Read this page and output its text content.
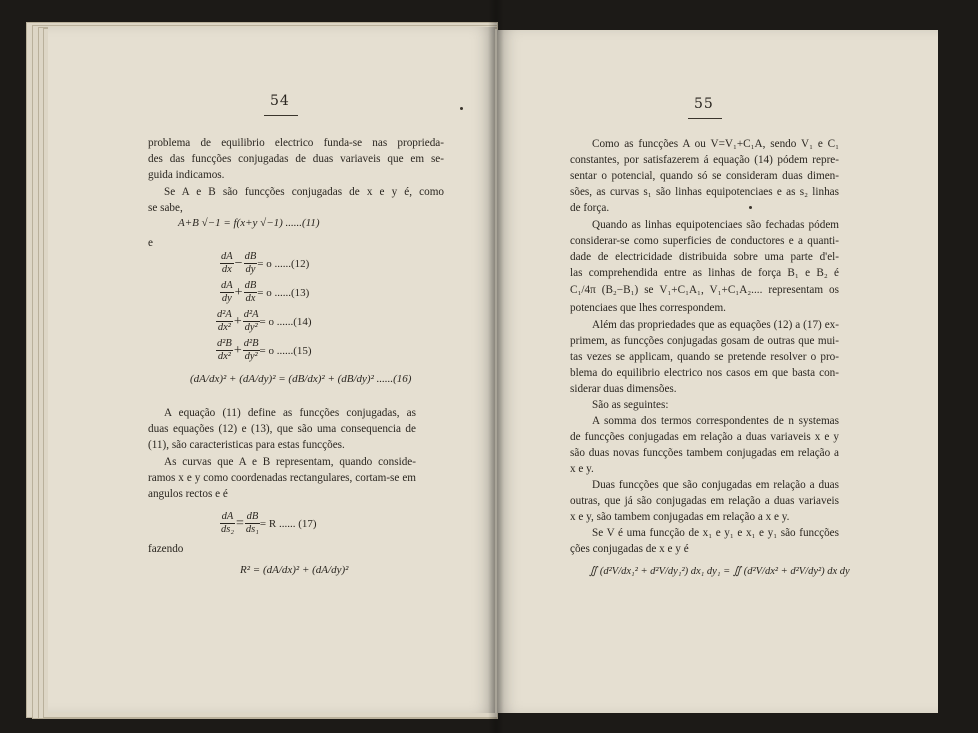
54
problema de equilibrio electrico funda-se nas proprieda-
des das funcções conjugadas de duas variaveis que em se-
guida indicamos.
Se A e B são funcções conjugadas de x e y é, como
se sabe,
A+B √−1 = f(x+y √−1) ......(11)
e
$\frac{dA}{dx} - \frac{dB}{dy} = o$ ......(12)
$\frac{dA}{dy} + \frac{dB}{dx} = o$ ......(13)
$\frac{\text{d²A}}{\text{dx²}} + \frac{\text{d²A}}{\text{dy²}} = o$ ......(14)
$\frac{\text{d²B}}{\text{dx²}} + \frac{\text{d²B}}{\text{dy²}} = o$ ......(15)
(dA/dx)² + (dA/dy)² = (dB/dx)² + (dB/dy)² ......(16)
A equação (11) define as funcções conjugadas, as
duas equações (12) e (13), que são uma consequencia de
(11), são caracteristicas para estas funcções.
As curvas que A e B representam, quando conside-
ramos x e y como coordenadas rectangulares, cortam-se em
angulos rectos e é
$\frac{dA}{\text{ds₂}} = \frac{dB}{\text{ds₁}} = R$ ...... (17)
fazendo
R² = (dA/dx)² + (dA/dy)²
55
Como as funcções A ou V=V₁+C₁A, sendo V₁ e C₁
constantes, por satisfazerem á equação (14) pódem repre-
sentar o potencial, quando só se consideram duas dimen-
sões, as curvas s₁ são linhas equipotenciaes e as s₂ linhas
de força.
Quando as linhas equipotenciaes são fechadas pódem
considerar-se como superficies de conductores e a quanti-
dade de electricidade distribuida sobre uma parte d'el-
las comprehendida entre as linhas de força B₁ e B₂ é
C₁/4π (B₂−B₁) se V₁+C₁A₁, V₁+C₁A₂.... representam os
potenciaes que lhes correspondem.
Além das propriedades que as equações (12) a (17) ex-
primem, as funcções conjugadas gosam de outras que mui-
tas vezes se applicam, quando se pretende resolver o pro-
blema do equilibrio electrico nos casos em que basta con-
siderar duas dimensões.
São as seguintes:
A somma dos termos correspondentes de n systemas
de funcções conjugadas em relação a duas variaveis x e y
são duas novas funcções tambem conjugadas em relação a
x e y.
Duas funcções que são conjugadas em relação a duas
outras, que já são conjugadas em relação a duas variaveis
x e y, são tambem conjugadas em relação a x e y.
Se V é uma funcção de x₁ e y₁ e x₁ e y₁ são funcções
ções conjugadas de x e y é
∬ (d²V/dx₁² + d²V/dy₁²) dx₁ dy₁ = ∬ (d²V/dx² + d²V/dy²) dx dy
